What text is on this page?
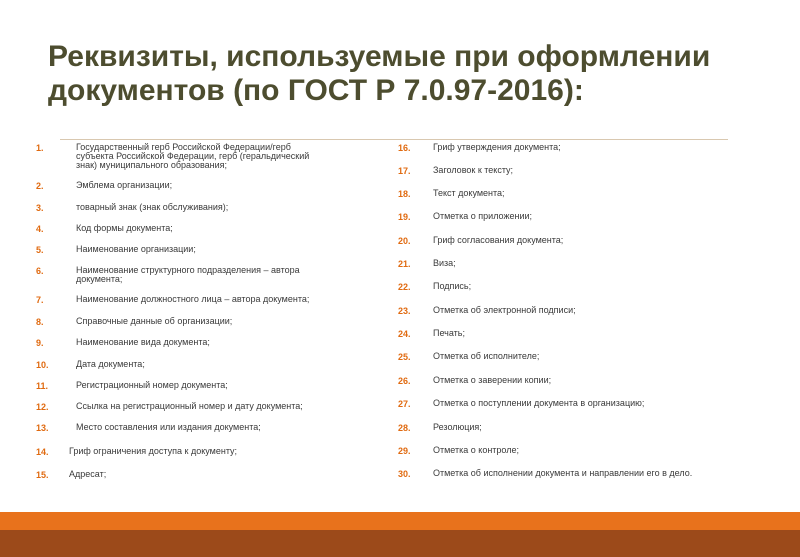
Реквизиты, используемые при оформлении
документов (по ГОСТ Р 7.0.97-2016):
1.	Государственный герб Российской Федерации/герб
субъекта Российской Федерации, герб (геральдический
знак) муниципального образования;
2.	Эмблема организации;
3.	товарный знак (знак обслуживания);
4.	Код формы документа;
5.	Наименование организации;
6.	Наименование структурного подразделения – автора
документа;
7.	Наименование должностного лица – автора документа;
8.	Справочные данные об организации;
9.	Наименование вида документа;
10.	Дата документа;
11.	Регистрационный номер документа;
12.	Ссылка на регистрационный номер и дату документа;
13.	Место составления или издания документа;
14. Гриф ограничения доступа к документу;
15. Адресат;
16. Гриф утверждения документа;
17. Заголовок к тексту;
18. Текст документа;
19. Отметка о приложении;
20. Гриф согласования документа;
21. Виза;
22. Подпись;
23. Отметка об электронной подписи;
24. Печать;
25. Отметка об исполнителе;
26. Отметка о заверении копии;
27. Отметка о поступлении документа в организацию;
28. Резолюция;
29. Отметка о контроле;
30. Отметка об исполнении документа и направлении его в дело.
